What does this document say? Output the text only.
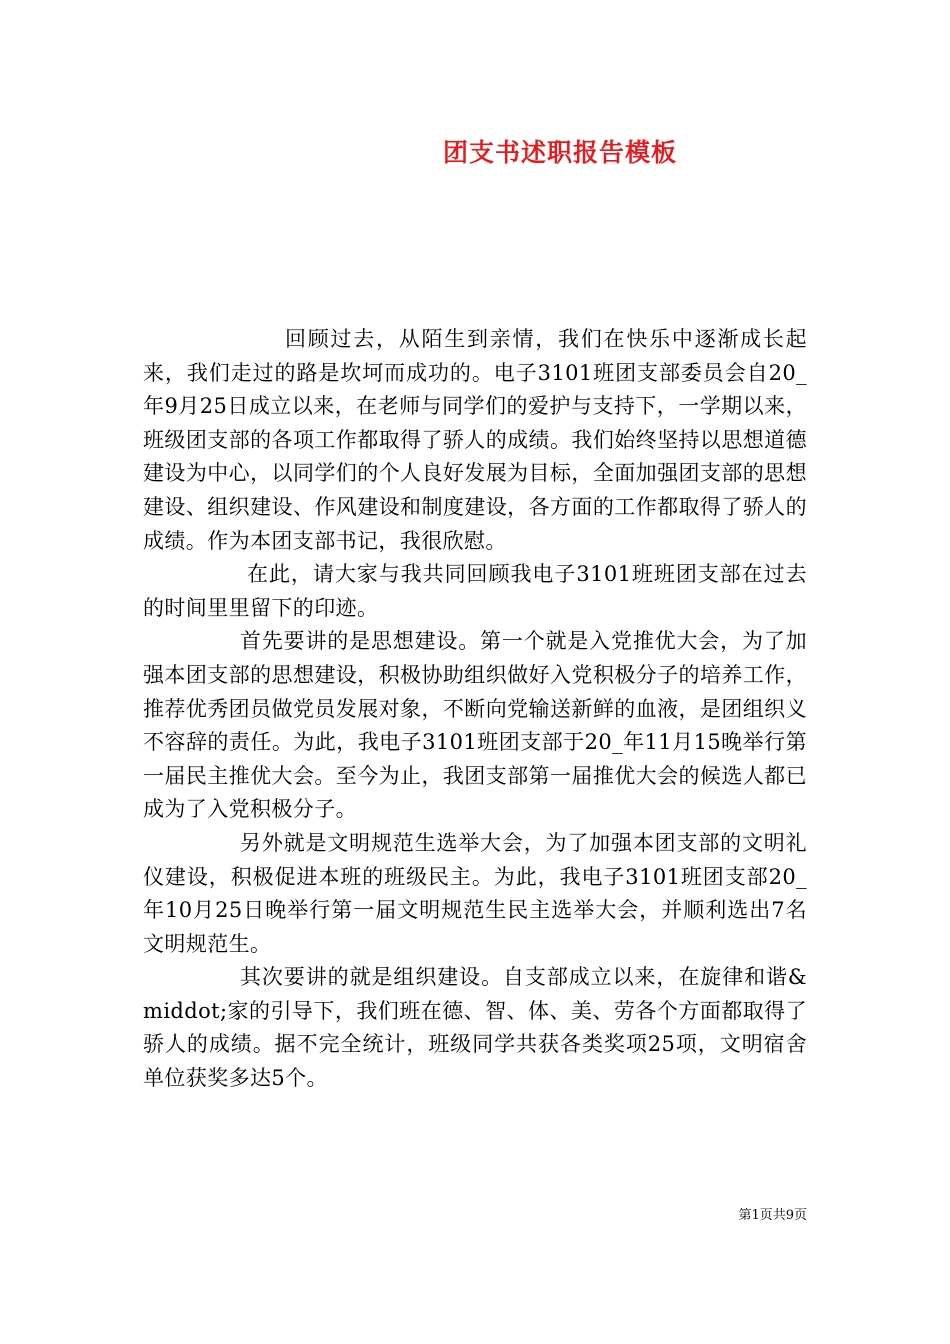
团支书述职报告模板

回顾过去，从陌生到亲情，我们在快乐中逐渐成长起来，我们走过的路是坎坷而成功的。电子3101班团支部委员会自20_年9月25日成立以来，在老师与同学们的爱护与支持下，一学期以来，班级团支部的各项工作都取得了骄人的成绩。我们始终坚持以思想道德建设为中心，以同学们的个人良好发展为目标，全面加强团支部的思想建设、组织建设、作风建设和制度建设，各方面的工作都取得了骄人的成绩。作为本团支部书记，我很欣慰。

在此，请大家与我共同回顾我电子3101班班团支部在过去的时间里里留下的印迹。

首先要讲的是思想建设。第一个就是入党推优大会，为了加强本团支部的思想建设，积极协助组织做好入党积极分子的培养工作，推荐优秀团员做党员发展对象，不断向党输送新鲜的血液，是团组织义不容辞的责任。为此，我电子3101班团支部于20_年11月15晚举行第一届民主推优大会。至今为止，我团支部第一届推优大会的候选人都已成为了入党积极分子。

另外就是文明规范生选举大会，为了加强本团支部的文明礼仪建设，积极促进本班的班级民主。为此，我电子3101班团支部20_年10月25日晚举行第一届文明规范生民主选举大会，并顺利选出7名文明规范生。

其次要讲的就是组织建设。自支部成立以来，在旋律和谐&middot;家的引导下，我们班在德、智、体、美、劳各个方面都取得了骄人的成绩。据不完全统计，班级同学共获各类奖项25项，文明宿舍单位获奖多达5个。

第1页共9页
